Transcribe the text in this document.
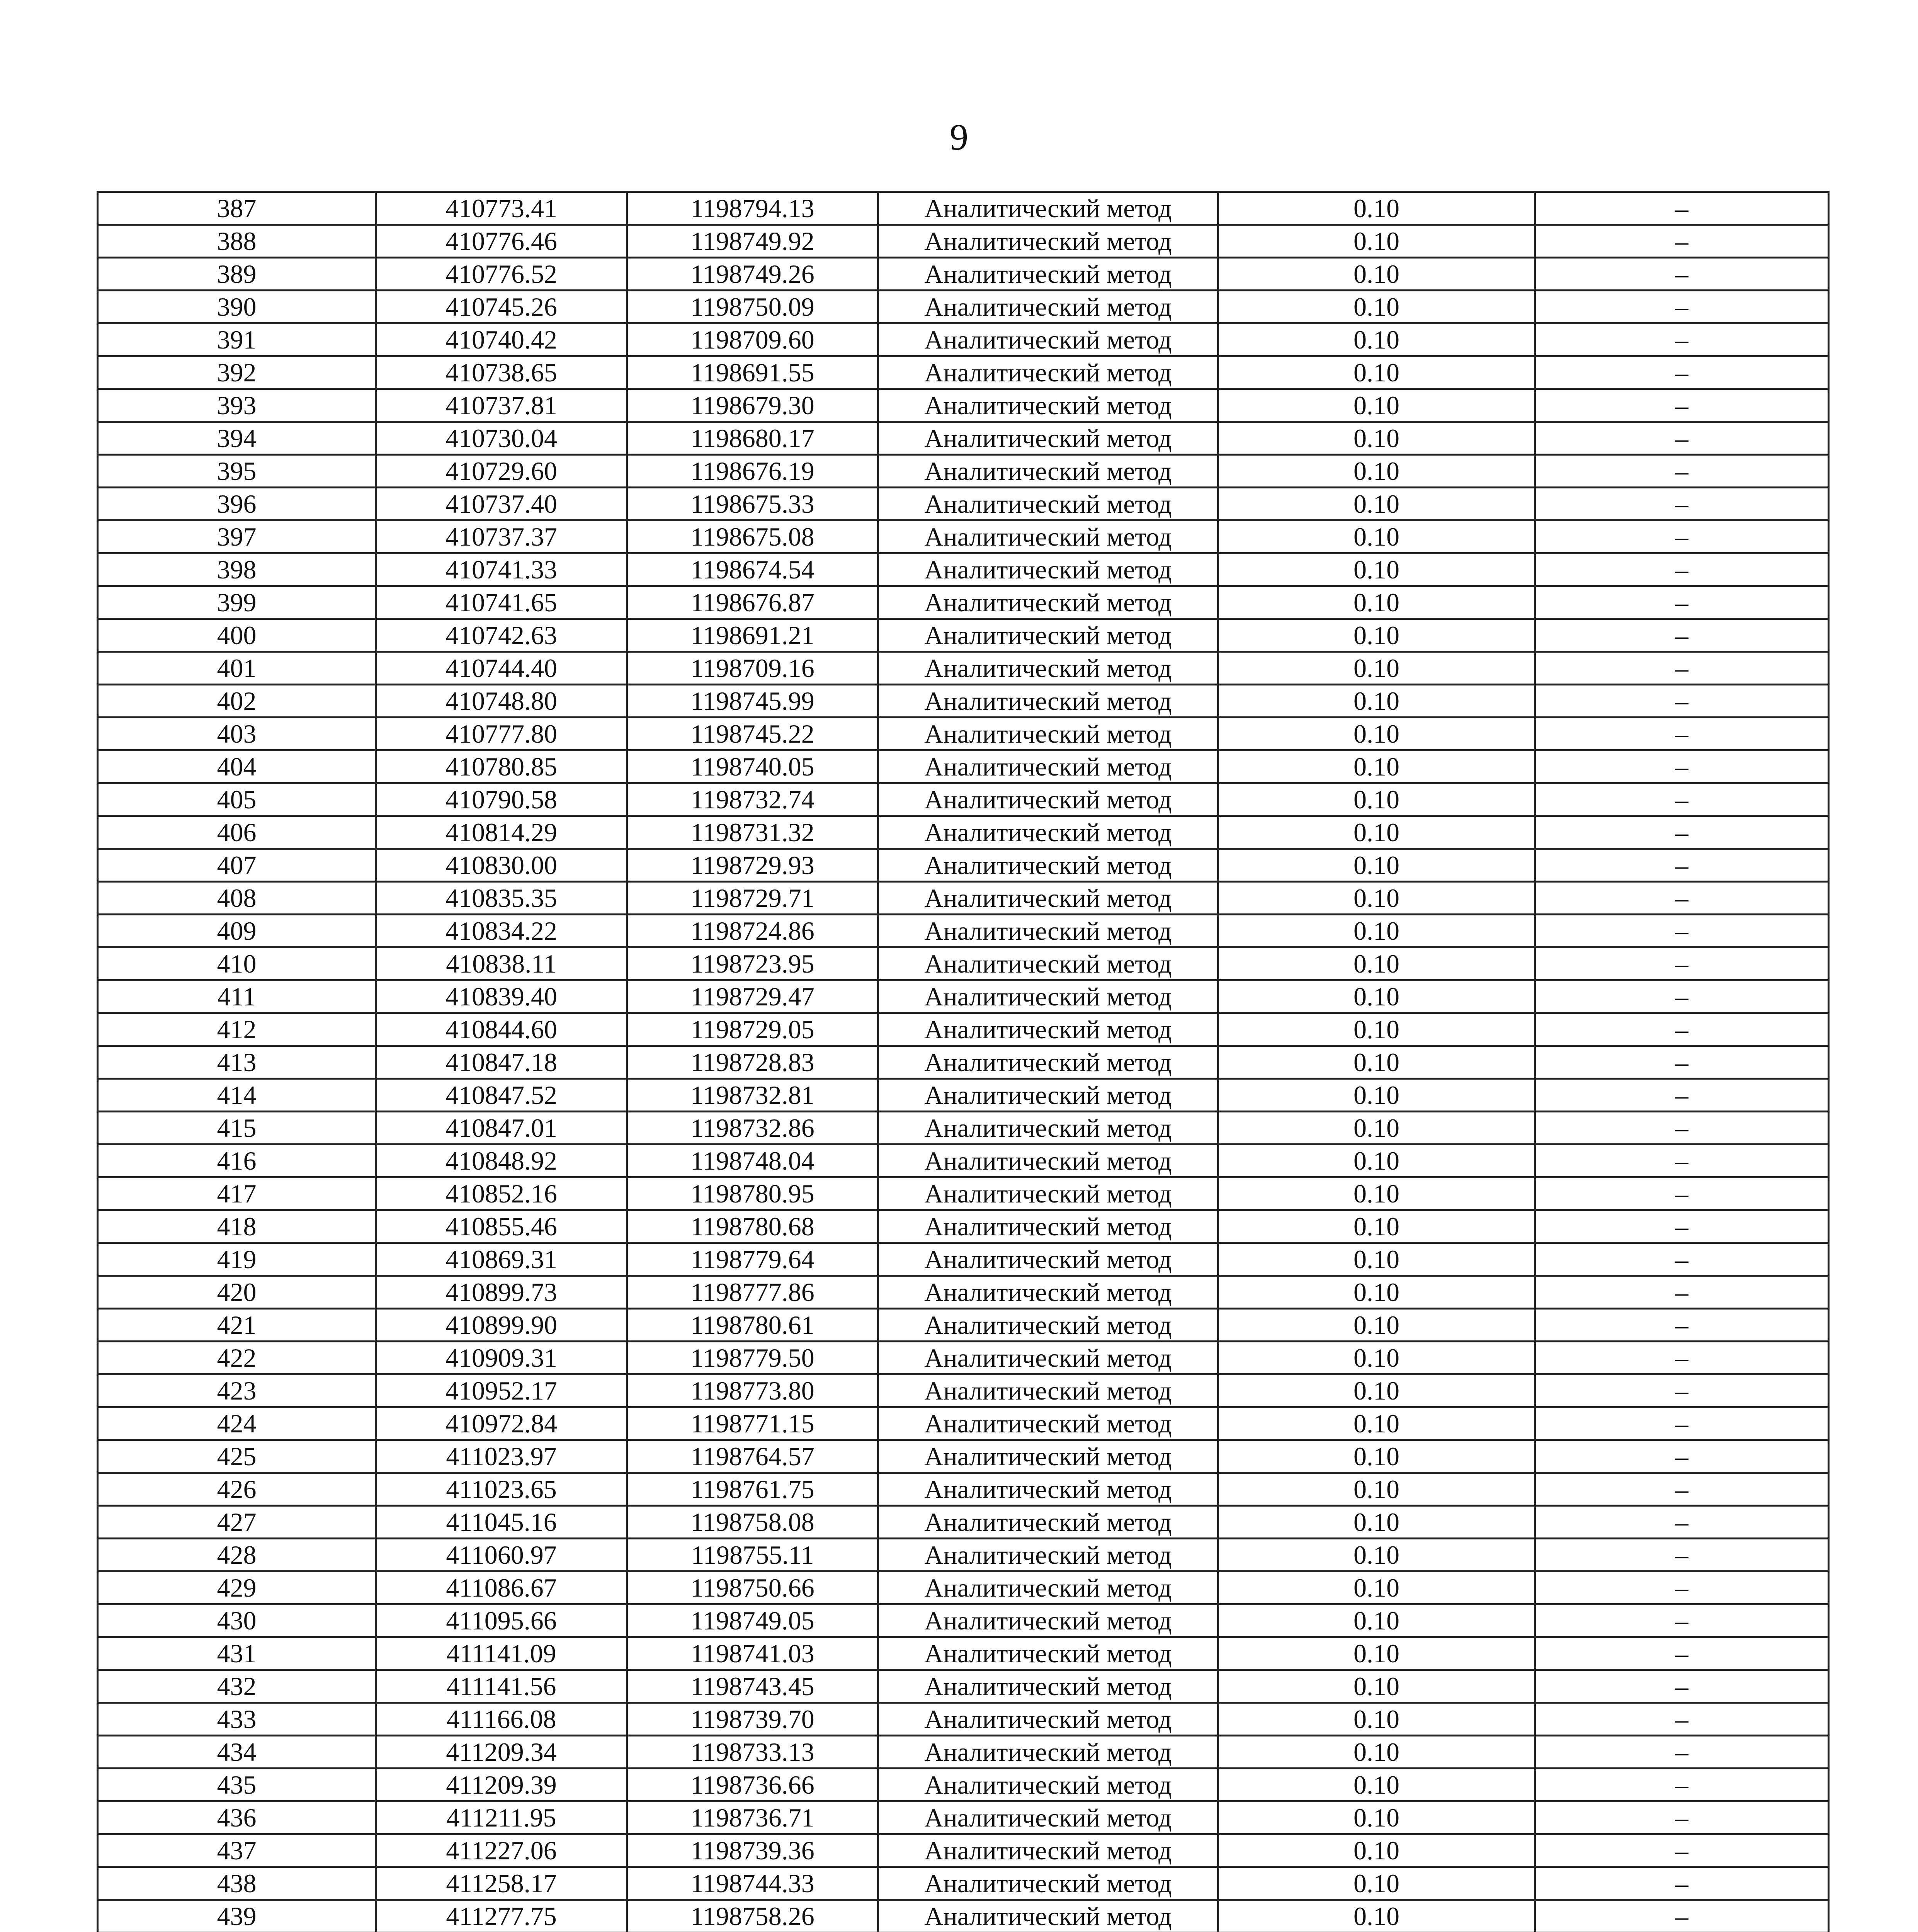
9
387	410773.41	1198794.13	Аналитический метод	0.10	–
388	410776.46	1198749.92	Аналитический метод	0.10	–
389	410776.52	1198749.26	Аналитический метод	0.10	–
390	410745.26	1198750.09	Аналитический метод	0.10	–
391	410740.42	1198709.60	Аналитический метод	0.10	–
392	410738.65	1198691.55	Аналитический метод	0.10	–
393	410737.81	1198679.30	Аналитический метод	0.10	–
394	410730.04	1198680.17	Аналитический метод	0.10	–
395	410729.60	1198676.19	Аналитический метод	0.10	–
396	410737.40	1198675.33	Аналитический метод	0.10	–
397	410737.37	1198675.08	Аналитический метод	0.10	–
398	410741.33	1198674.54	Аналитический метод	0.10	–
399	410741.65	1198676.87	Аналитический метод	0.10	–
400	410742.63	1198691.21	Аналитический метод	0.10	–
401	410744.40	1198709.16	Аналитический метод	0.10	–
402	410748.80	1198745.99	Аналитический метод	0.10	–
403	410777.80	1198745.22	Аналитический метод	0.10	–
404	410780.85	1198740.05	Аналитический метод	0.10	–
405	410790.58	1198732.74	Аналитический метод	0.10	–
406	410814.29	1198731.32	Аналитический метод	0.10	–
407	410830.00	1198729.93	Аналитический метод	0.10	–
408	410835.35	1198729.71	Аналитический метод	0.10	–
409	410834.22	1198724.86	Аналитический метод	0.10	–
410	410838.11	1198723.95	Аналитический метод	0.10	–
411	410839.40	1198729.47	Аналитический метод	0.10	–
412	410844.60	1198729.05	Аналитический метод	0.10	–
413	410847.18	1198728.83	Аналитический метод	0.10	–
414	410847.52	1198732.81	Аналитический метод	0.10	–
415	410847.01	1198732.86	Аналитический метод	0.10	–
416	410848.92	1198748.04	Аналитический метод	0.10	–
417	410852.16	1198780.95	Аналитический метод	0.10	–
418	410855.46	1198780.68	Аналитический метод	0.10	–
419	410869.31	1198779.64	Аналитический метод	0.10	–
420	410899.73	1198777.86	Аналитический метод	0.10	–
421	410899.90	1198780.61	Аналитический метод	0.10	–
422	410909.31	1198779.50	Аналитический метод	0.10	–
423	410952.17	1198773.80	Аналитический метод	0.10	–
424	410972.84	1198771.15	Аналитический метод	0.10	–
425	411023.97	1198764.57	Аналитический метод	0.10	–
426	411023.65	1198761.75	Аналитический метод	0.10	–
427	411045.16	1198758.08	Аналитический метод	0.10	–
428	411060.97	1198755.11	Аналитический метод	0.10	–
429	411086.67	1198750.66	Аналитический метод	0.10	–
430	411095.66	1198749.05	Аналитический метод	0.10	–
431	411141.09	1198741.03	Аналитический метод	0.10	–
432	411141.56	1198743.45	Аналитический метод	0.10	–
433	411166.08	1198739.70	Аналитический метод	0.10	–
434	411209.34	1198733.13	Аналитический метод	0.10	–
435	411209.39	1198736.66	Аналитический метод	0.10	–
436	411211.95	1198736.71	Аналитический метод	0.10	–
437	411227.06	1198739.36	Аналитический метод	0.10	–
438	411258.17	1198744.33	Аналитический метод	0.10	–
439	411277.75	1198758.26	Аналитический метод	0.10	–
